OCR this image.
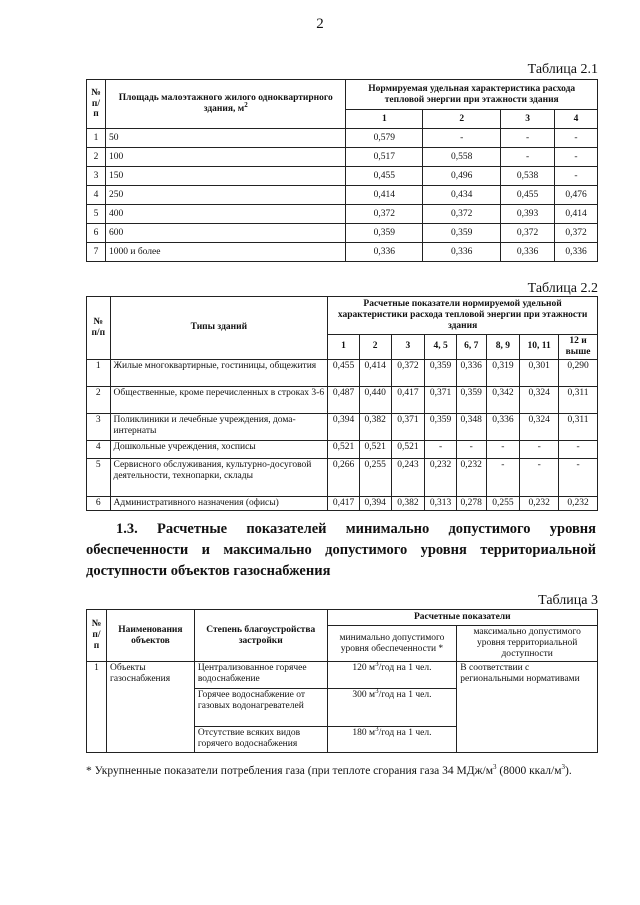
2
Таблица 2.1
№ п/п	Площадь малоэтажного жилого одноквартирного здания, $м^2$	Нормируемая удельная характеристика расхода тепловой энергии при этажности здания			
		1	2	3	4
1	50	0,579	-	-	-
2	100	0,517	0,558	-	-
3	150	0,455	0,496	0,538	-
4	250	0,414	0,434	0,455	0,476
5	400	0,372	0,372	0,393	0,414
6	600	0,359	0,359	0,372	0,372
7	1000 и более	0,336	0,336	0,336	0,336
Таблица 2.2
№ п/п	Типы зданий	Расчетные показатели нормируемой удельной характеристики расхода тепловой энергии при этажности здания							
		1	2	3	4, 5	6, 7	8, 9	10, 11	12 и выше
1	Жилые многоквартирные, гостиницы, общежития	0,455	0,414	0,372	0,359	0,336	0,319	0,301	0,290
2	Общественные, кроме перечисленных в строках 3-6	0,487	0,440	0,417	0,371	0,359	0,342	0,324	0,311
3	Поликлиники и лечебные учреждения, дома-интернаты	0,394	0,382	0,371	0,359	0,348	0,336	0,324	0,311
4	Дошкольные учреждения, хосписы	0,521	0,521	0,521	-	-	-	-	-
5	Сервисного обслуживания, культурно-досуговой деятельности, технопарки, склады	0,266	0,255	0,243	0,232	0,232	-	-	-
6	Административного назначения (офисы)	0,417	0,394	0,382	0,313	0,278	0,255	0,232	0,232
1.3. Расчетные показателей минимально допустимого уровня обеспеченности и максимально допустимого уровня территориальной доступности объектов газоснабжения
Таблица 3
№ п/п	Наименования объектов	Степень благоустройства застройки	Расчетные показатели	
			минимально допустимого уровня обеспеченности *	максимально допустимого уровня территориальной доступности
1	Объекты газоснабжения	Централизованное горячее водоснабжение	120 $м^3$/год на 1 чел.	В соответствии с региональными нормативами
		Горячее водоснабжение от газовых водонагревателей	300 $м^3$/год на 1 чел.	
		Отсутствие всяких видов горячего водоснабжения	180 $м^3$/год на 1 чел.	
* Укрупненные показатели потребления газа (при теплоте сгорания газа 34 МДж/$м^3$ (8000 ккал/$м^3$).
